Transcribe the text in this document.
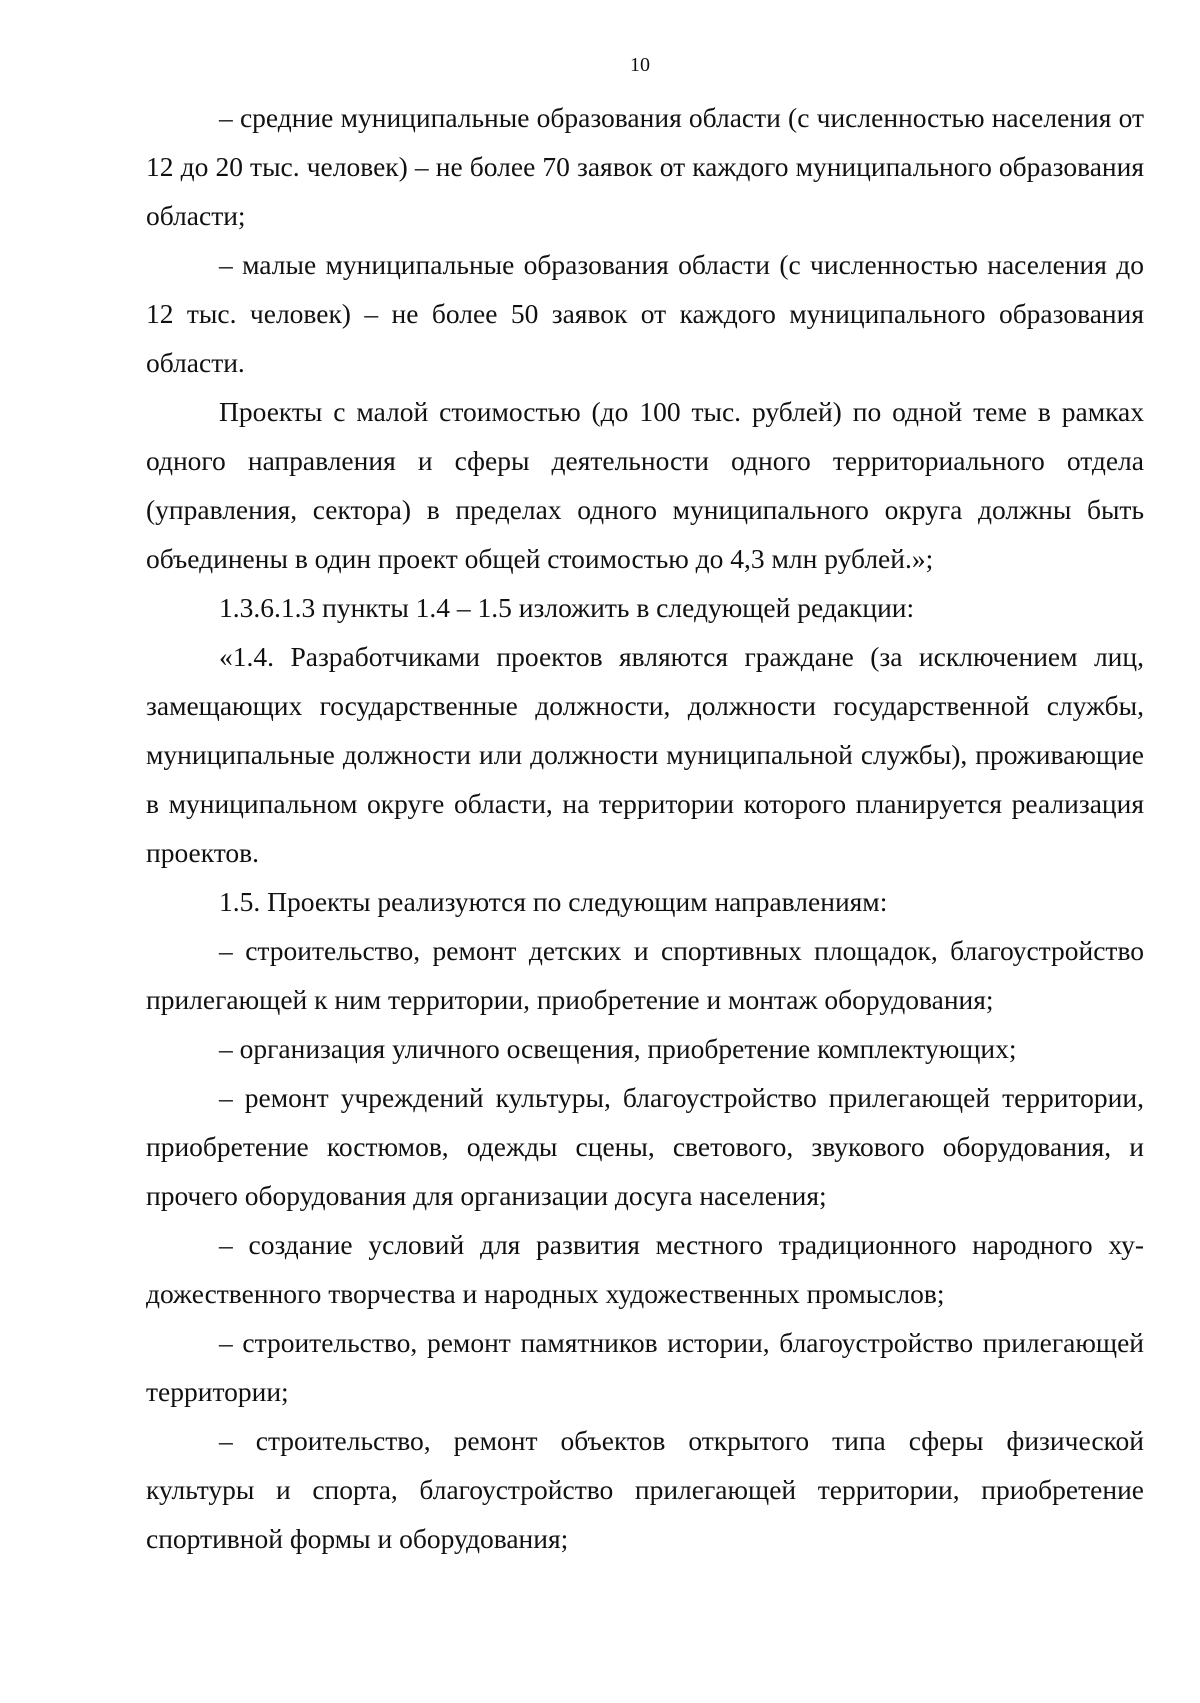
10

– средние муниципальные образования области (с численностью населения от 12 до 20 тыс. человек) – не более 70 заявок от каждого муниципального образования области;

– малые муниципальные образования области (с численностью населения до 12 тыс. человек) – не более 50 заявок от каждого муниципального образования области.

Проекты с малой стоимостью (до 100 тыс. рублей) по одной теме в рамках одного направления и сферы деятельности одного территориального отдела (управления, сектора) в пределах одного муниципального округа должны быть объединены в один проект общей стоимостью до 4,3 млн рублей.»;

1.3.6.1.3 пункты 1.4 – 1.5 изложить в следующей редакции:

«1.4. Разработчиками проектов являются граждане (за исключением лиц, замещающих государственные должности, должности государственной службы, муниципальные должности или должности муниципальной службы), проживающие в муниципальном округе области, на территории которого планируется реализация проектов.

1.5. Проекты реализуются по следующим направлениям:

– строительство, ремонт детских и спортивных площадок, благоустройство прилегающей к ним территории, приобретение и монтаж оборудования;

– организация уличного освещения, приобретение комплектующих;

– ремонт учреждений культуры, благоустройство прилегающей территории, приобретение костюмов, одежды сцены, светового, звукового оборудования, и прочего оборудования для организации досуга населения;

– создание условий для развития местного традиционного народного художественного творчества и народных художественных промыслов;

– строительство, ремонт памятников истории, благоустройство прилегающей территории;

– строительство, ремонт объектов открытого типа сферы физической культуры и спорта, благоустройство прилегающей территории, приобретение спортивной формы и оборудования;
